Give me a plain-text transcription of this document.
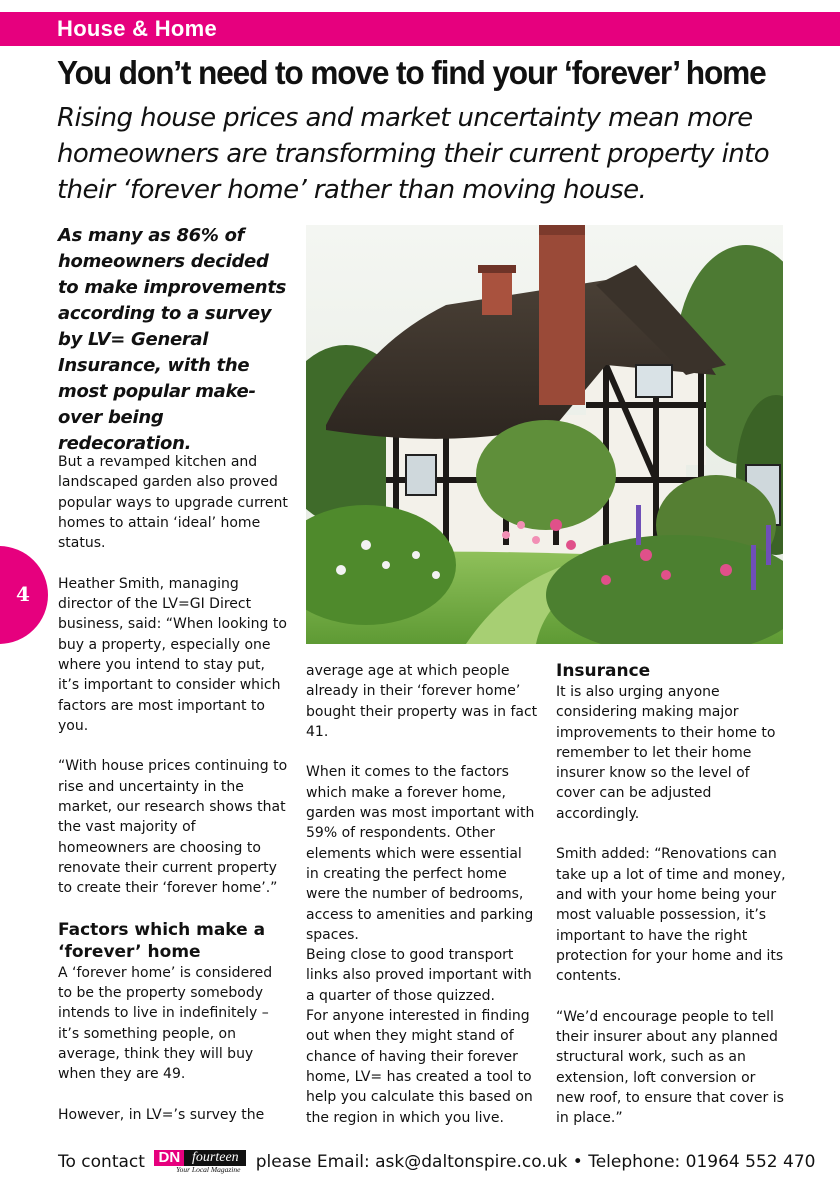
House & Home
You don’t need to move to find your ‘forever’ home

Rising house prices and market uncertainty mean more homeowners are transforming their current property into their ‘forever home’ rather than moving house.

As many as 86% of homeowners decided to make improvements according to a survey by LV= General Insurance, with the most popular make-over being redecoration.

4

But a revamped kitchen and landscaped garden also proved popular ways to upgrade current homes to attain ‘ideal’ home status.

Heather Smith, managing director of the LV=GI Direct business, said: “When looking to buy a property, especially one where you intend to stay put, it’s important to consider which factors are most important to you.

“With house prices continuing to rise and uncertainty in the market, our research shows that the vast majority of homeowners are choosing to renovate their current property to create their ‘forever home’.”

Factors which make a ‘forever’ home

A ‘forever home’ is considered to be the property somebody intends to live in indefinitely – it’s something people, on average, think they will buy when they are 49.

However, in LV=’s survey the

average age at which people already in their ‘forever home’ bought their property was in fact 41.

When it comes to the factors which make a forever home, garden was most important with 59% of respondents. Other elements which were essential in creating the perfect home were the number of bedrooms, access to amenities and parking spaces.

Being close to good transport links also proved important with a quarter of those quizzed.

For anyone interested in finding out when they might stand of chance of having their forever home, LV= has created a tool to help you calculate this based on the region in which you live.

Insurance

It is also urging anyone considering making major improvements to their home to remember to let their home insurer know so the level of cover can be adjusted accordingly.

Smith added: “Renovations can take up a lot of time and money, and with your home being your most valuable possession, it’s important to have the right protection for your home and its contents.

“We’d encourage people to tell their insurer about any planned structural work, such as an extension, loft conversion or new roof, to ensure that cover is in place.”

To contact DN fourteen
Your Local Magazine please Email: ask@daltonspire.co.uk • Telephone: 01964 552 470
